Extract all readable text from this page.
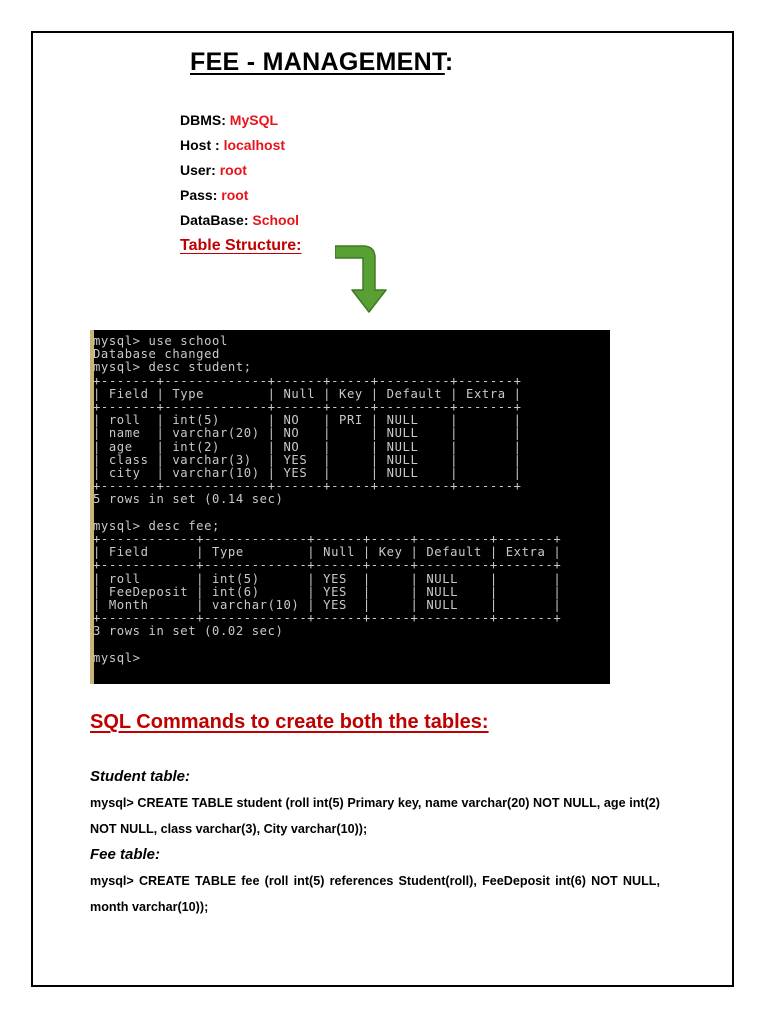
FEE - MANAGEMENT:
DBMS: MySQL
Host : localhost
User: root
Pass: root
DataBase: School
Table Structure:
mysql> use school
Database changed
mysql> desc student;
+-------+-------------+------+-----+---------+-------+
| Field | Type        | Null | Key | Default | Extra |
+-------+-------------+------+-----+---------+-------+
| roll  | int(5)      | NO   | PRI | NULL    |       |
| name  | varchar(20) | NO   |     | NULL    |       |
| age   | int(2)      | NO   |     | NULL    |       |
| class | varchar(3)  | YES  |     | NULL    |       |
| city  | varchar(10) | YES  |     | NULL    |       |
+-------+-------------+------+-----+---------+-------+
5 rows in set (0.14 sec)

mysql> desc fee;
+------------+-------------+------+-----+---------+-------+
| Field      | Type        | Null | Key | Default | Extra |
+------------+-------------+------+-----+---------+-------+
| roll       | int(5)      | YES  |     | NULL    |       |
| FeeDeposit | int(6)      | YES  |     | NULL    |       |
| Month      | varchar(10) | YES  |     | NULL    |       |
+------------+-------------+------+-----+---------+-------+
3 rows in set (0.02 sec)

mysql>
SQL Commands to create both the tables:

Student table:

mysql> CREATE TABLE student (roll int(5) Primary key, name varchar(20) NOT NULL, age int(2) NOT NULL, class varchar(3), City varchar(10));

Fee table:

mysql> CREATE TABLE fee (roll int(5) references Student(roll), FeeDeposit int(6) NOT NULL, month varchar(10));
